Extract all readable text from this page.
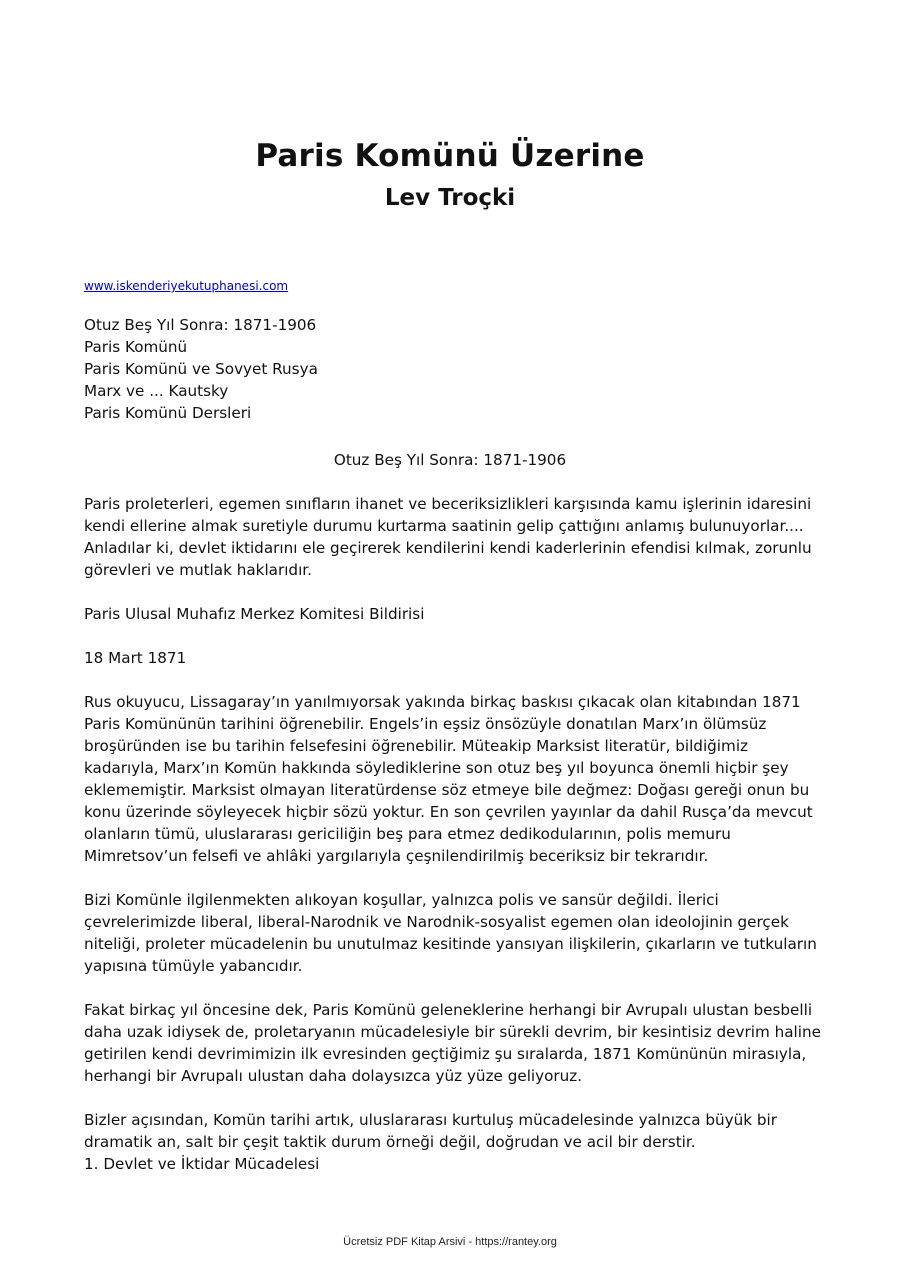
Paris Komünü Üzerine
Lev Troçki
www.iskenderiyekutuphanesi.com
Otuz Beş Yıl Sonra: 1871-1906
Paris Komünü
Paris Komünü ve Sovyet Rusya
Marx ve ... Kautsky
Paris Komünü Dersleri
Otuz Beş Yıl Sonra: 1871-1906

Paris proleterleri, egemen sınıfların ihanet ve beceriksizlikleri karşısında kamu işlerinin idaresini kendi ellerine almak suretiyle durumu kurtarma saatinin gelip çattığını anlamış bulunuyorlar.... Anladılar ki, devlet iktidarını ele geçirerek kendilerini kendi kaderlerinin efendisi kılmak, zorunlu görevleri ve mutlak haklarıdır.

Paris Ulusal Muhafız Merkez Komitesi Bildirisi

18 Mart 1871

Rus okuyucu, Lissagaray’ın yanılmıyorsak yakında birkaç baskısı çıkacak olan kitabından 1871 Paris Komününün tarihini öğrenebilir. Engels’in eşsiz önsözüyle donatılan Marx’ın ölümsüz broşüründen ise bu tarihin felsefesini öğrenebilir. Müteakip Marksist literatür, bildiğimiz kadarıyla, Marx’ın Komün hakkında söylediklerine son otuz beş yıl boyunca önemli hiçbir şey eklememiştir. Marksist olmayan literatürdense söz etmeye bile değmez: Doğası gereği onun bu konu üzerinde söyleyecek hiçbir sözü yoktur. En son çevrilen yayınlar da dahil Rusça’da mevcut olanların tümü, uluslararası gericiliğin beş para etmez dedikodularının, polis memuru Mimretsov’un felsefi ve ahlâki yargılarıyla çeşnilendirilmiş beceriksiz bir tekrarıdır.

Bizi Komünle ilgilenmekten alıkoyan koşullar, yalnızca polis ve sansür değildi. İlerici çevrelerimizde liberal, liberal-Narodnik ve Narodnik-sosyalist egemen olan ideolojinin gerçek niteliği, proleter mücadelenin bu unutulmaz kesitinde yansıyan ilişkilerin, çıkarların ve tutkuların yapısına tümüyle yabancıdır.

Fakat birkaç yıl öncesine dek, Paris Komünü geleneklerine herhangi bir Avrupalı ulustan besbelli daha uzak idiysek de, proletaryanın mücadelesiyle bir sürekli devrim, bir kesintisiz devrim haline getirilen kendi devrimimizin ilk evresinden geçtiğimiz şu sıralarda, 1871 Komününün mirasıyla, herhangi bir Avrupalı ulustan daha dolaysızca yüz yüze geliyoruz.

Bizler açısından, Komün tarihi artık, uluslararası kurtuluş mücadelesinde yalnızca büyük bir dramatik an, salt bir çeşit taktik durum örneği değil, doğrudan ve acil bir derstir.

1. Devlet ve İktidar Mücadelesi

Ücretsiz PDF Kitap Arsivi - https://rantey.org
